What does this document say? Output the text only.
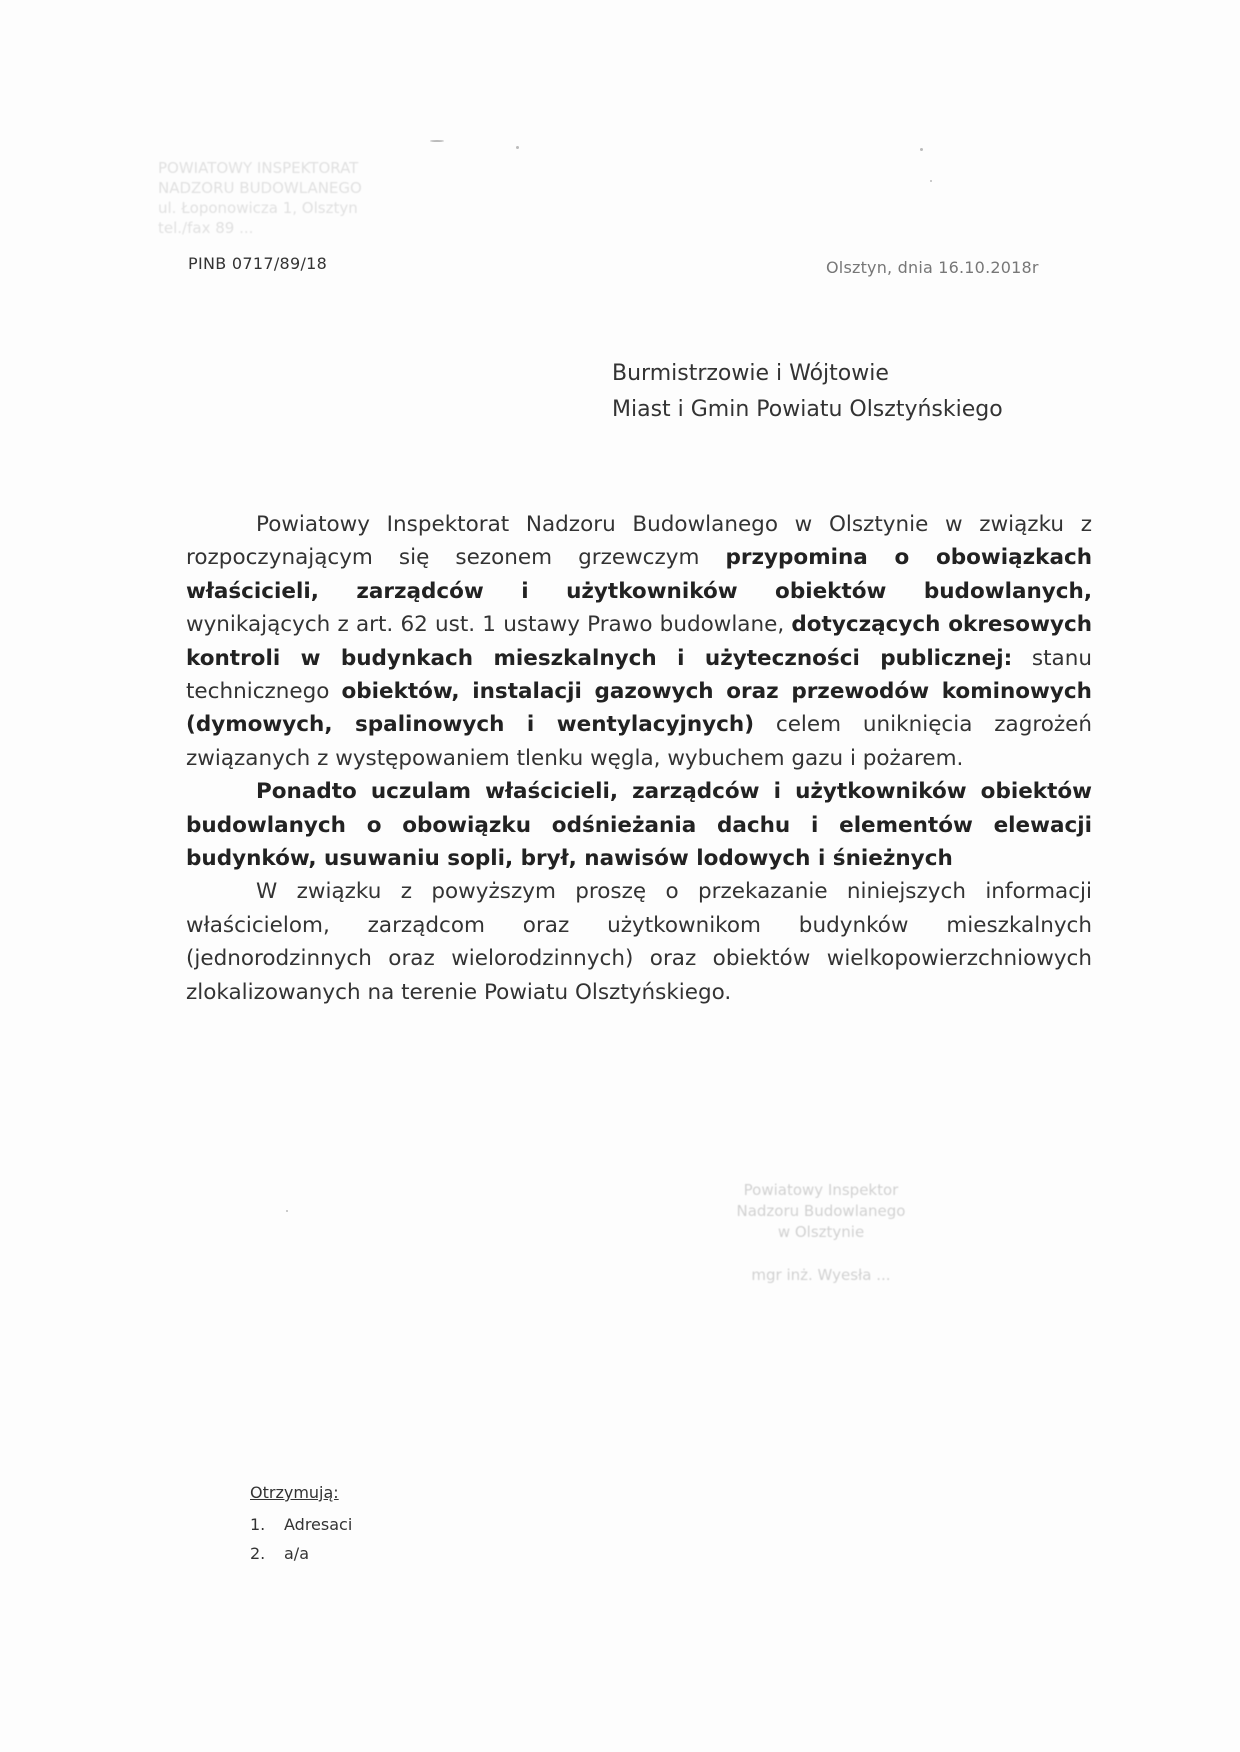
POWIATOWY INSPEKTORAT
NADZORU BUDOWLANEGO
ul. Łoponowicza 1, Olsztyn
tel./fax 89 ...
PINB 0717/89/18	Olsztyn, dnia 16.10.2018r
Burmistrzowie i Wójtowie
Miast i Gmin Powiatu Olsztyńskiego

Powiatowy Inspektorat Nadzoru Budowlanego w Olsztynie w związku z rozpoczynającym się sezonem grzewczym przypomina o obowiązkach właścicieli, zarządców i użytkowników obiektów budowlanych, wynikających z art. 62 ust. 1 ustawy Prawo budowlane, dotyczących okresowych kontroli w budynkach mieszkalnych i użyteczności publicznej: stanu technicznego obiektów, instalacji gazowych oraz przewodów kominowych (dymowych, spalinowych i wentylacyjnych) celem uniknięcia zagrożeń związanych z występowaniem tlenku węgla, wybuchem gazu i pożarem.

Ponadto uczulam właścicieli, zarządców i użytkowników obiektów budowlanych o obowiązku odśnieżania dachu i elementów elewacji budynków, usuwaniu sopli, brył, nawisów lodowych i śnieżnych

W związku z powyższym proszę o przekazanie niniejszych informacji właścicielom, zarządcom oraz użytkownikom budynków mieszkalnych (jednorodzinnych oraz wielorodzinnych) oraz obiektów wielkopowierzchniowych zlokalizowanych na terenie Powiatu Olsztyńskiego.

Powiatowy Inspektor
Nadzoru Budowlanego
w Olsztynie
mgr inż. Wyesła ...
Otrzymują:
1. Adresaci
2. a/a
